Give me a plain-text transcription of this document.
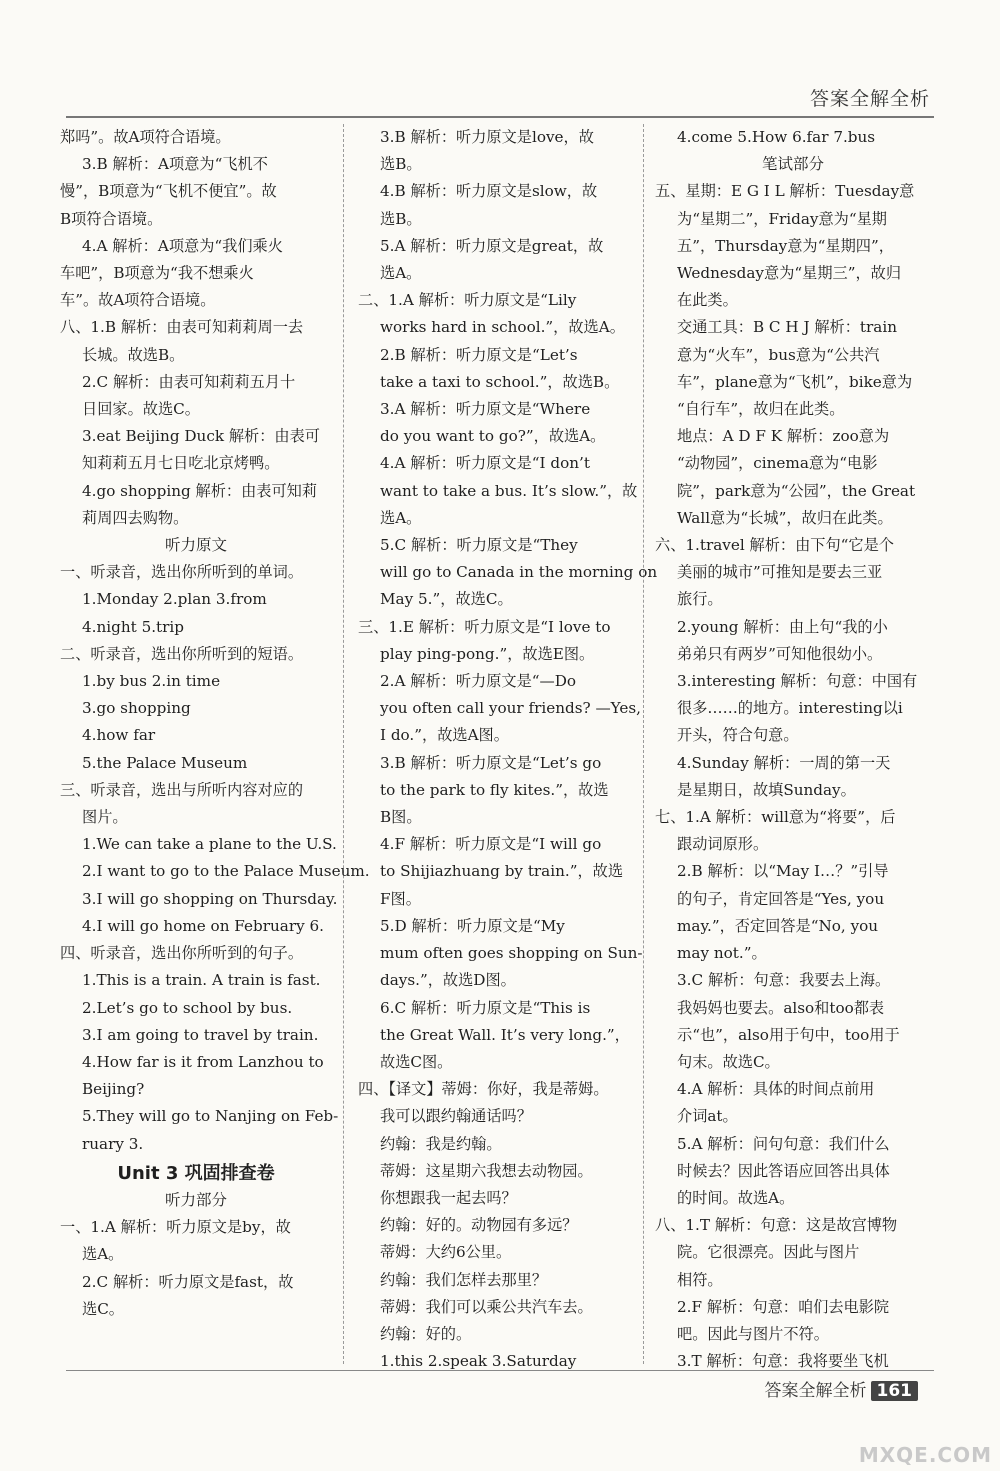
答案全解全析
郑吗”。故A项符合语境。
3.B 解析：A项意为“飞机不
慢”，B项意为“飞机不便宜”。故
B项符合语境。
4.A 解析：A项意为“我们乘火
车吧”，B项意为“我不想乘火
车”。故A项符合语境。
八、1.B 解析：由表可知莉莉周一去
长城。故选B。
2.C 解析：由表可知莉莉五月十
日回家。故选C。
3.eat Beijing Duck 解析：由表可
知莉莉五月七日吃北京烤鸭。
4.go shopping 解析：由表可知莉
莉周四去购物。
听力原文
一、听录音，选出你所听到的单词。
1.Monday 2.plan 3.from
4.night 5.trip
二、听录音，选出你所听到的短语。
1.by bus 2.in time
3.go shopping
4.how far
5.the Palace Museum
三、听录音，选出与所听内容对应的
图片。
1.We can take a plane to the U.S.
2.I want to go to the Palace Museum.
3.I will go shopping on Thursday.
4.I will go home on February 6.
四、听录音，选出你所听到的句子。
1.This is a train. A train is fast.
2.Let’s go to school by bus.
3.I am going to travel by train.
4.How far is it from Lanzhou to
Beijing?
5.They will go to Nanjing on Feb-
ruary 3.
Unit 3 巩固排查卷
听力部分
一、1.A 解析：听力原文是by，故
选A。
2.C 解析：听力原文是fast，故
选C。
3.B 解析：听力原文是love，故
选B。
4.B 解析：听力原文是slow，故
选B。
5.A 解析：听力原文是great，故
选A。
二、1.A 解析：听力原文是“Lily
works hard in school.”，故选A。
2.B 解析：听力原文是“Let’s
take a taxi to school.”，故选B。
3.A 解析：听力原文是“Where
do you want to go?”，故选A。
4.A 解析：听力原文是“I don’t
want to take a bus. It’s slow.”，故
选A。
5.C 解析：听力原文是“They
will go to Canada in the morning on
May 5.”，故选C。
三、1.E 解析：听力原文是“I love to
play ping-pong.”，故选E图。
2.A 解析：听力原文是“—Do
you often call your friends? —Yes,
I do.”，故选A图。
3.B 解析：听力原文是“Let’s go
to the park to fly kites.”，故选
B图。
4.F 解析：听力原文是“I will go
to Shijiazhuang by train.”，故选
F图。
5.D 解析：听力原文是“My
mum often goes shopping on Sun-
days.”，故选D图。
6.C 解析：听力原文是“This is
the Great Wall. It’s very long.”，
故选C图。
四、【译文】蒂姆：你好，我是蒂姆。
我可以跟约翰通话吗？
约翰：我是约翰。
蒂姆：这星期六我想去动物园。
你想跟我一起去吗？
约翰：好的。动物园有多远？
蒂姆：大约6公里。
约翰：我们怎样去那里？
蒂姆：我们可以乘公共汽车去。
约翰：好的。
1.this 2.speak 3.Saturday
4.come 5.How 6.far 7.bus
笔试部分
五、星期：E G I L 解析：Tuesday意
为“星期二”，Friday意为“星期
五”，Thursday意为“星期四”，
Wednesday意为“星期三”，故归
在此类。
交通工具：B C H J 解析：train
意为“火车”，bus意为“公共汽
车”，plane意为“飞机”，bike意为
“自行车”，故归在此类。
地点：A D F K 解析：zoo意为
“动物园”，cinema意为“电影
院”，park意为“公园”，the Great
Wall意为“长城”，故归在此类。
六、1.travel 解析：由下句“它是个
美丽的城市”可推知是要去三亚
旅行。
2.young 解析：由上句“我的小
弟弟只有两岁”可知他很幼小。
3.interesting 解析：句意：中国有
很多……的地方。interesting以i
开头，符合句意。
4.Sunday 解析：一周的第一天
是星期日，故填Sunday。
七、1.A 解析：will意为“将要”，后
跟动词原形。
2.B 解析：以“May I…？”引导
的句子，肯定回答是“Yes, you
may.”，否定回答是“No, you
may not.”。
3.C 解析：句意：我要去上海。
我妈妈也要去。also和too都表
示“也”，also用于句中，too用于
句末。故选C。
4.A 解析：具体的时间点前用
介词at。
5.A 解析：问句句意：我们什么
时候去？因此答语应回答出具体
的时间。故选A。
八、1.T 解析：句意：这是故宫博物
院。它很漂亮。因此与图片
相符。
2.F 解析：句意：咱们去电影院
吧。因此与图片不符。
3.T 解析：句意：我将要坐飞机
答案全解全析 161
MXQE.COM
